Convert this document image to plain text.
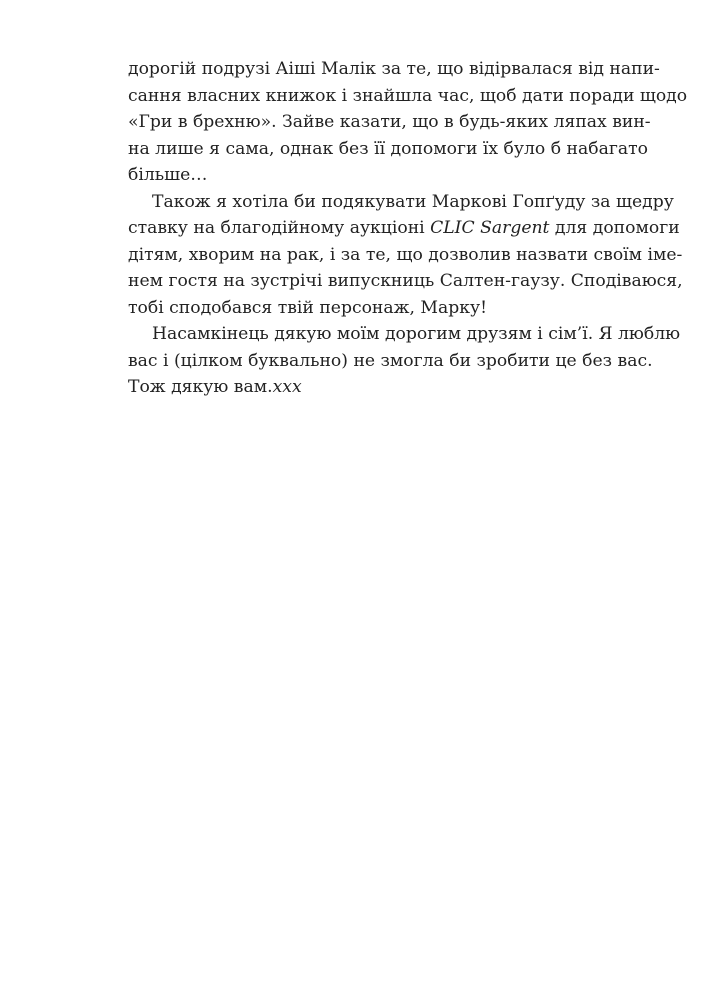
дорогій подрузі Аіші Малік за те, що відірвалася від напи-
сання власних книжок і знайшла час, щоб дати поради щодо
«Гри в брехню». Зайве казати, що в будь-яких ляпах вин-
на лише я сама, однак без її допомоги їх було б набагато
більше…
Також я хотіла би подякувати Маркові Гопґуду за щедру
ставку на благодійному аукціоні CLIC Sargent для допомоги
дітям, хворим на рак, і за те, що дозволив назвати своїм іме-
нем гостя на зустрічі випускниць Салтен-гаузу. Сподіваюся,
тобі сподобався твій персонаж, Марку!
Насамкінець дякую моїм дорогим друзям і сім’ї. Я люблю
вас і (цілком буквально) не змогла би зробити це без вас.
Тож дякую вам.xxx
